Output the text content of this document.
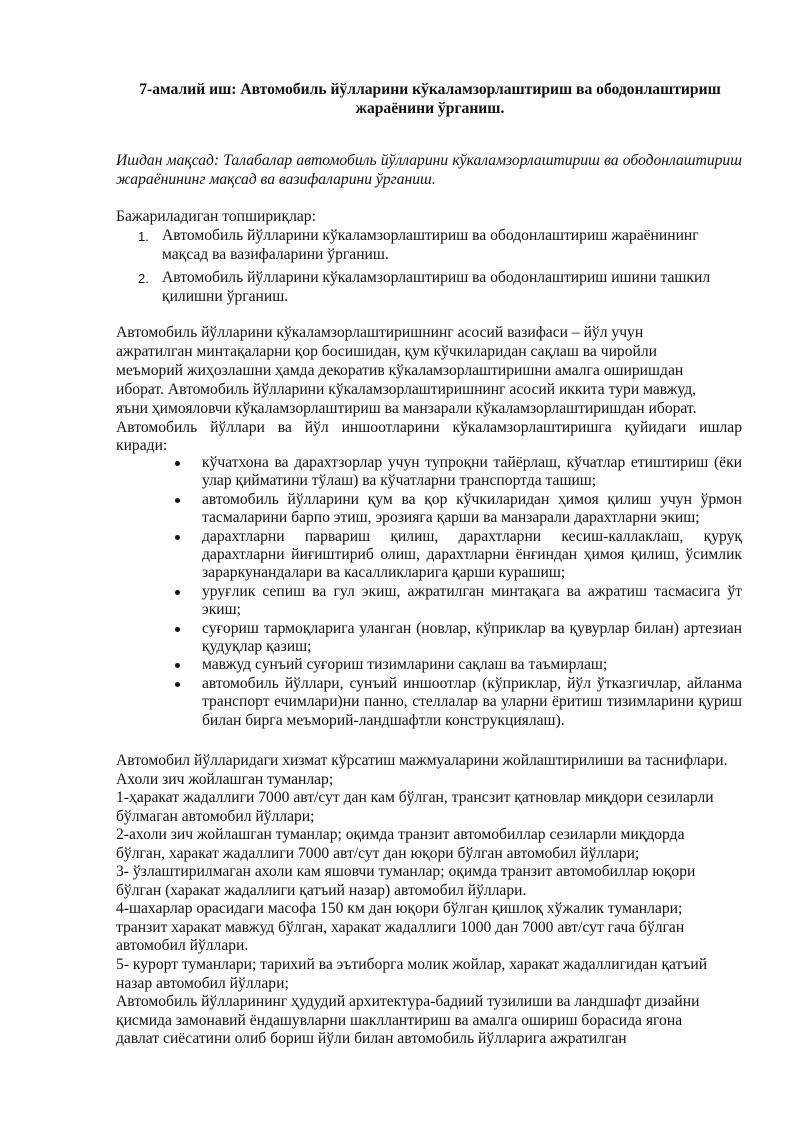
7-амалий иш: Автомобиль йўлларини кўкаламзорлаштириш ва ободонлаштириш
жараёнини ўрганиш.
Ишдан мақсад: Талабалар автомобиль йўлларини кўкаламзорлаштириш ва ободонлаштириш жараёнининг мақсад ва вазифаларини ўрганиш.
Бажариладиган топшириқлар:
1. Автомобиль йўлларини кўкаламзорлаштириш ва ободонлаштириш жараёнининг мақсад ва вазифаларини ўрганиш.
2. Автомобиль йўлларини кўкаламзорлаштириш ва ободонлаштириш ишини ташкил қилишни ўрганиш.

Автомобиль йўлларини кўкаламзорлаштиришнинг асосий вазифаси – йўл учун

ажратилган минтақаларни қор босишидан, қум кўчкиларидан сақлаш ва чиройли

меъморий жиҳозлашни ҳамда декоратив кўкаламзорлаштиришни амалга оширишдан

иборат. Автомобиль йўлларини кўкаламзорлаштиришнинг асосий иккита тури мавжуд,

яъни ҳимояловчи кўкаламзорлаштириш ва манзарали кўкаламзорлаштиришдан иборат.

Автомобиль йўллари ва йўл иншоотларини кўкаламзорлаштиришга қуйидаги ишлар

киради:

кўчатхона ва дарахтзорлар учун тупроқни тайёрлаш, кўчатлар етиштириш (ёки улар қийматини тўлаш) ва кўчатларни транспортда ташиш;
автомобиль йўлларини қум ва қор кўчкиларидан ҳимоя қилиш учун ўрмон тасмаларини барпо этиш, эрозияга қарши ва манзарали дарахтларни экиш;
дарахтларни парвариш қилиш, дарахтларни кесиш-каллаклаш, қуруқ дарахтларни йиғиштириб олиш, дарахтларни ёнғиндан ҳимоя қилиш, ўсимлик зараркунандалари ва касалликларига қарши курашиш;
уруғлик сепиш ва гул экиш, ажратилган минтақага ва ажратиш тасмасига ўт экиш;
суғориш тармоқларига уланган (новлар, кўприклар ва қувурлар билан) артезиан қудуқлар қазиш;
мавжуд сунъий суғориш тизимларини сақлаш ва таъмирлаш;
автомобиль йўллари, сунъий иншоотлар (кўприклар, йўл ўтказгичлар, айланма транспорт ечимлари)ни панно, стеллалар ва уларни ёритиш тизимларини қуриш билан бирга меъморий-ландшафтли конструкциялаш).

Автомобил йўлларидаги хизмат кўрсатиш мажмуаларини жойлаштирилиши ва таснифлари.

Ахоли зич жойлашган туманлар;

1-ҳаракат жадаллиги 7000 авт/сут дан кам бўлган, трансзит қатновлар миқдори сезиларли

бўлмаган автомобил йўллари;

2-ахоли зич жойлашган туманлар; оқимда транзит автомобиллар сезиларли миқдорда

бўлган, харакат жадаллиги 7000 авт/сут дан юқори бўлган автомобил йўллари;

3- ўзлаштирилмаган ахоли кам яшовчи туманлар; оқимда транзит автомобиллар юқори

бўлган (харакат жадаллиги қатъий назар) автомобил йўллари.

4-шахарлар орасидаги масофа 150 км дан юқори бўлган қишлоқ хўжалик туманлари;

транзит харакат мавжуд бўлган, харакат жадаллиги 1000 дан 7000 авт/сут гача бўлган

автомобил йўллари.

5- курорт туманлари; тарихий ва эътиборга молик жойлар, харакат жадаллигидан қатъий

назар автомобил йўллари;

Автомобиль йўлларининг ҳудудий архитектура-бадиий тузилиши ва ландшафт дизайни

қисмида замонавий ёндашувларни шакллантириш ва амалга ошириш борасида ягона

давлат сиёсатини олиб бориш йўли билан автомобиль йўлларига ажратилган
